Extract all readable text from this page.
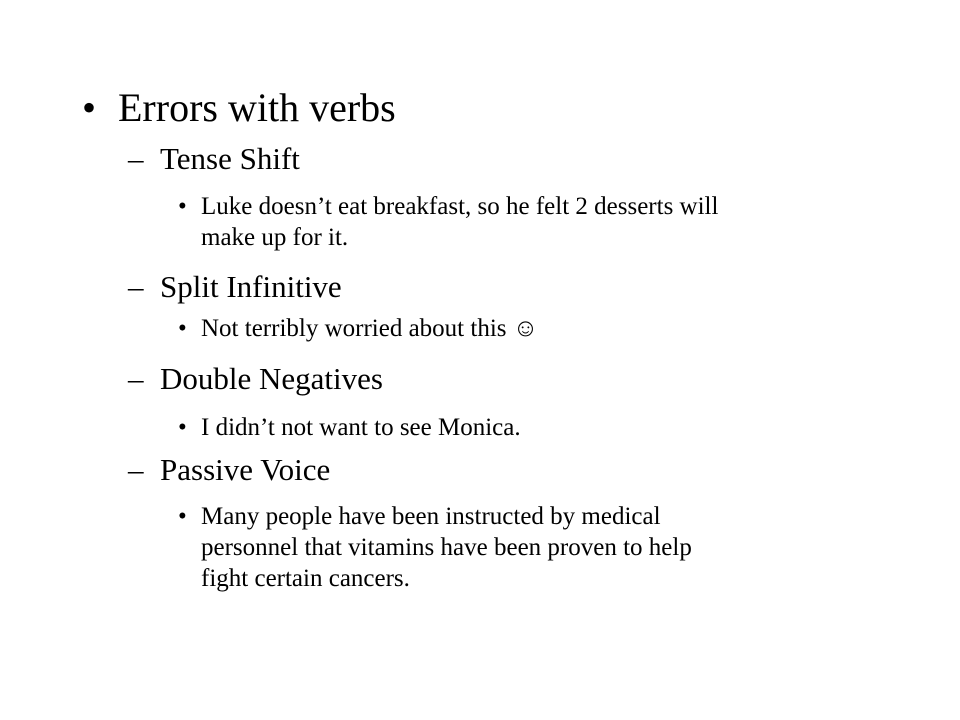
• Errors with verbs
– Tense Shift
• Luke doesn’t eat breakfast, so he felt 2 desserts will
make up for it.
– Split Infinitive
• Not terribly worried about this ☺
– Double Negatives
• I didn’t not want to see Monica.
– Passive Voice
• Many people have been instructed by medical
personnel that vitamins have been proven to help
fight certain cancers.
